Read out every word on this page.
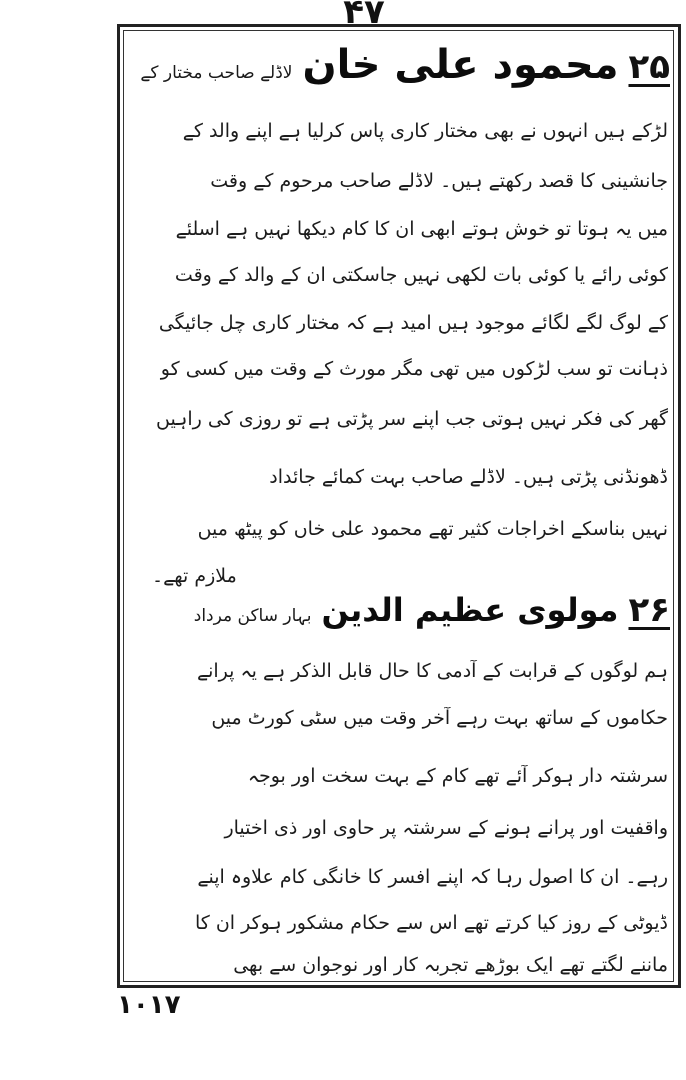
۴۷
۲۵
محمود علی خان
لاڈلے صاحب مختار کے
لڑکے ہیں انہوں نے بھی مختار کاری پاس کرلیا ہے اپنے والد کے
جانشینی کا قصد رکھتے ہیں۔ لاڈلے صاحب مرحوم کے وقت
میں یہ ہوتا تو خوش ہوتے ابھی ان کا کام دیکھا نہیں ہے اسلئے
کوئی رائے یا کوئی بات لکھی نہیں جاسکتی ان کے والد کے وقت
کے لوگ لگے لگائے موجود ہیں امید ہے کہ مختار کاری چل جائیگی
ذہانت تو سب لڑکوں میں تھی مگر مورث کے وقت میں کسی کو
گھر کی فکر نہیں ہوتی جب اپنے سر پڑتی ہے تو روزی کی راہیں
ڈھونڈنی پڑتی ہیں۔ لاڈلے صاحب بہت کمائے جائداد
نہیں بناسکے اخراجات کثیر تھے محمود علی خاں کو پیٹھ میں
ملازم تھے۔
۲۶
مولوی عظیم الدین
بہار ساکن مرداد
ہم لوگوں کے قرابت کے آدمی کا حال قابل الذکر ہے یہ پرانے
حکاموں کے ساتھ بہت رہے آخر وقت میں سٹی کورٹ میں
سرشتہ دار ہوکر آئے تھے کام کے بہت سخت اور بوجہ
واقفیت اور پرانے ہونے کے سرشتہ پر حاوی اور ذی اختیار
رہے۔ ان کا اصول رہا کہ اپنے افسر کا خانگی کام علاوہ اپنے
ڈیوٹی کے روز کیا کرتے تھے اس سے حکام مشکور ہوکر ان کا
ماننے لگتے تھے ایک بوڑھے تجربہ کار اور نوجوان سے بھی
۱۰۱۷
